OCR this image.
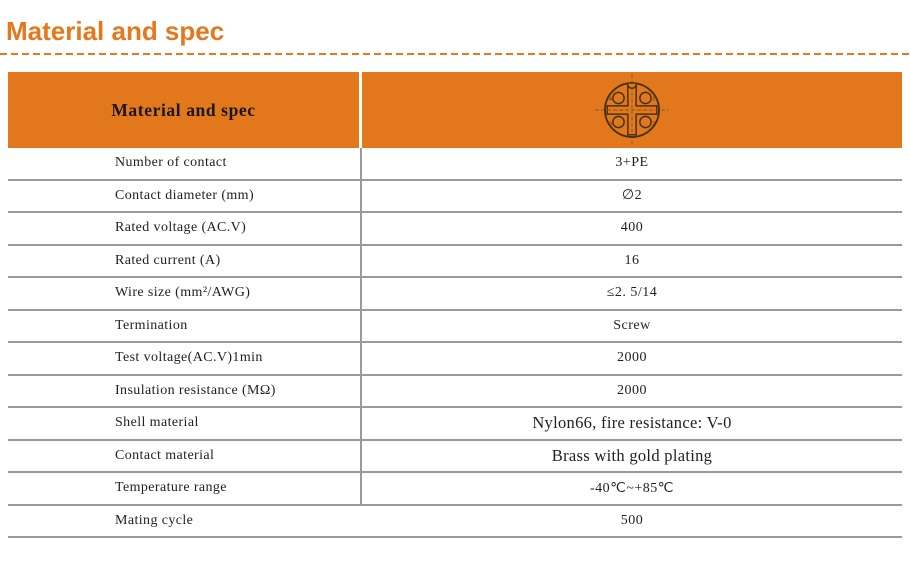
Material and spec
Material and spec
4	1
3	2
Number of contact	3+PE
Contact diameter (mm)	∅2
Rated voltage (AC.V)	400
Rated current (A)	16
Wire size (mm²/AWG)	≤2. 5/14
Termination	Screw
Test voltage(AC.V)1min	2000
Insulation resistance (MΩ)	2000
Shell material	Nylon66, fire resistance: V-0
Contact material	Brass with gold plating
Temperature range	-40℃~+85℃
Mating cycle	500
